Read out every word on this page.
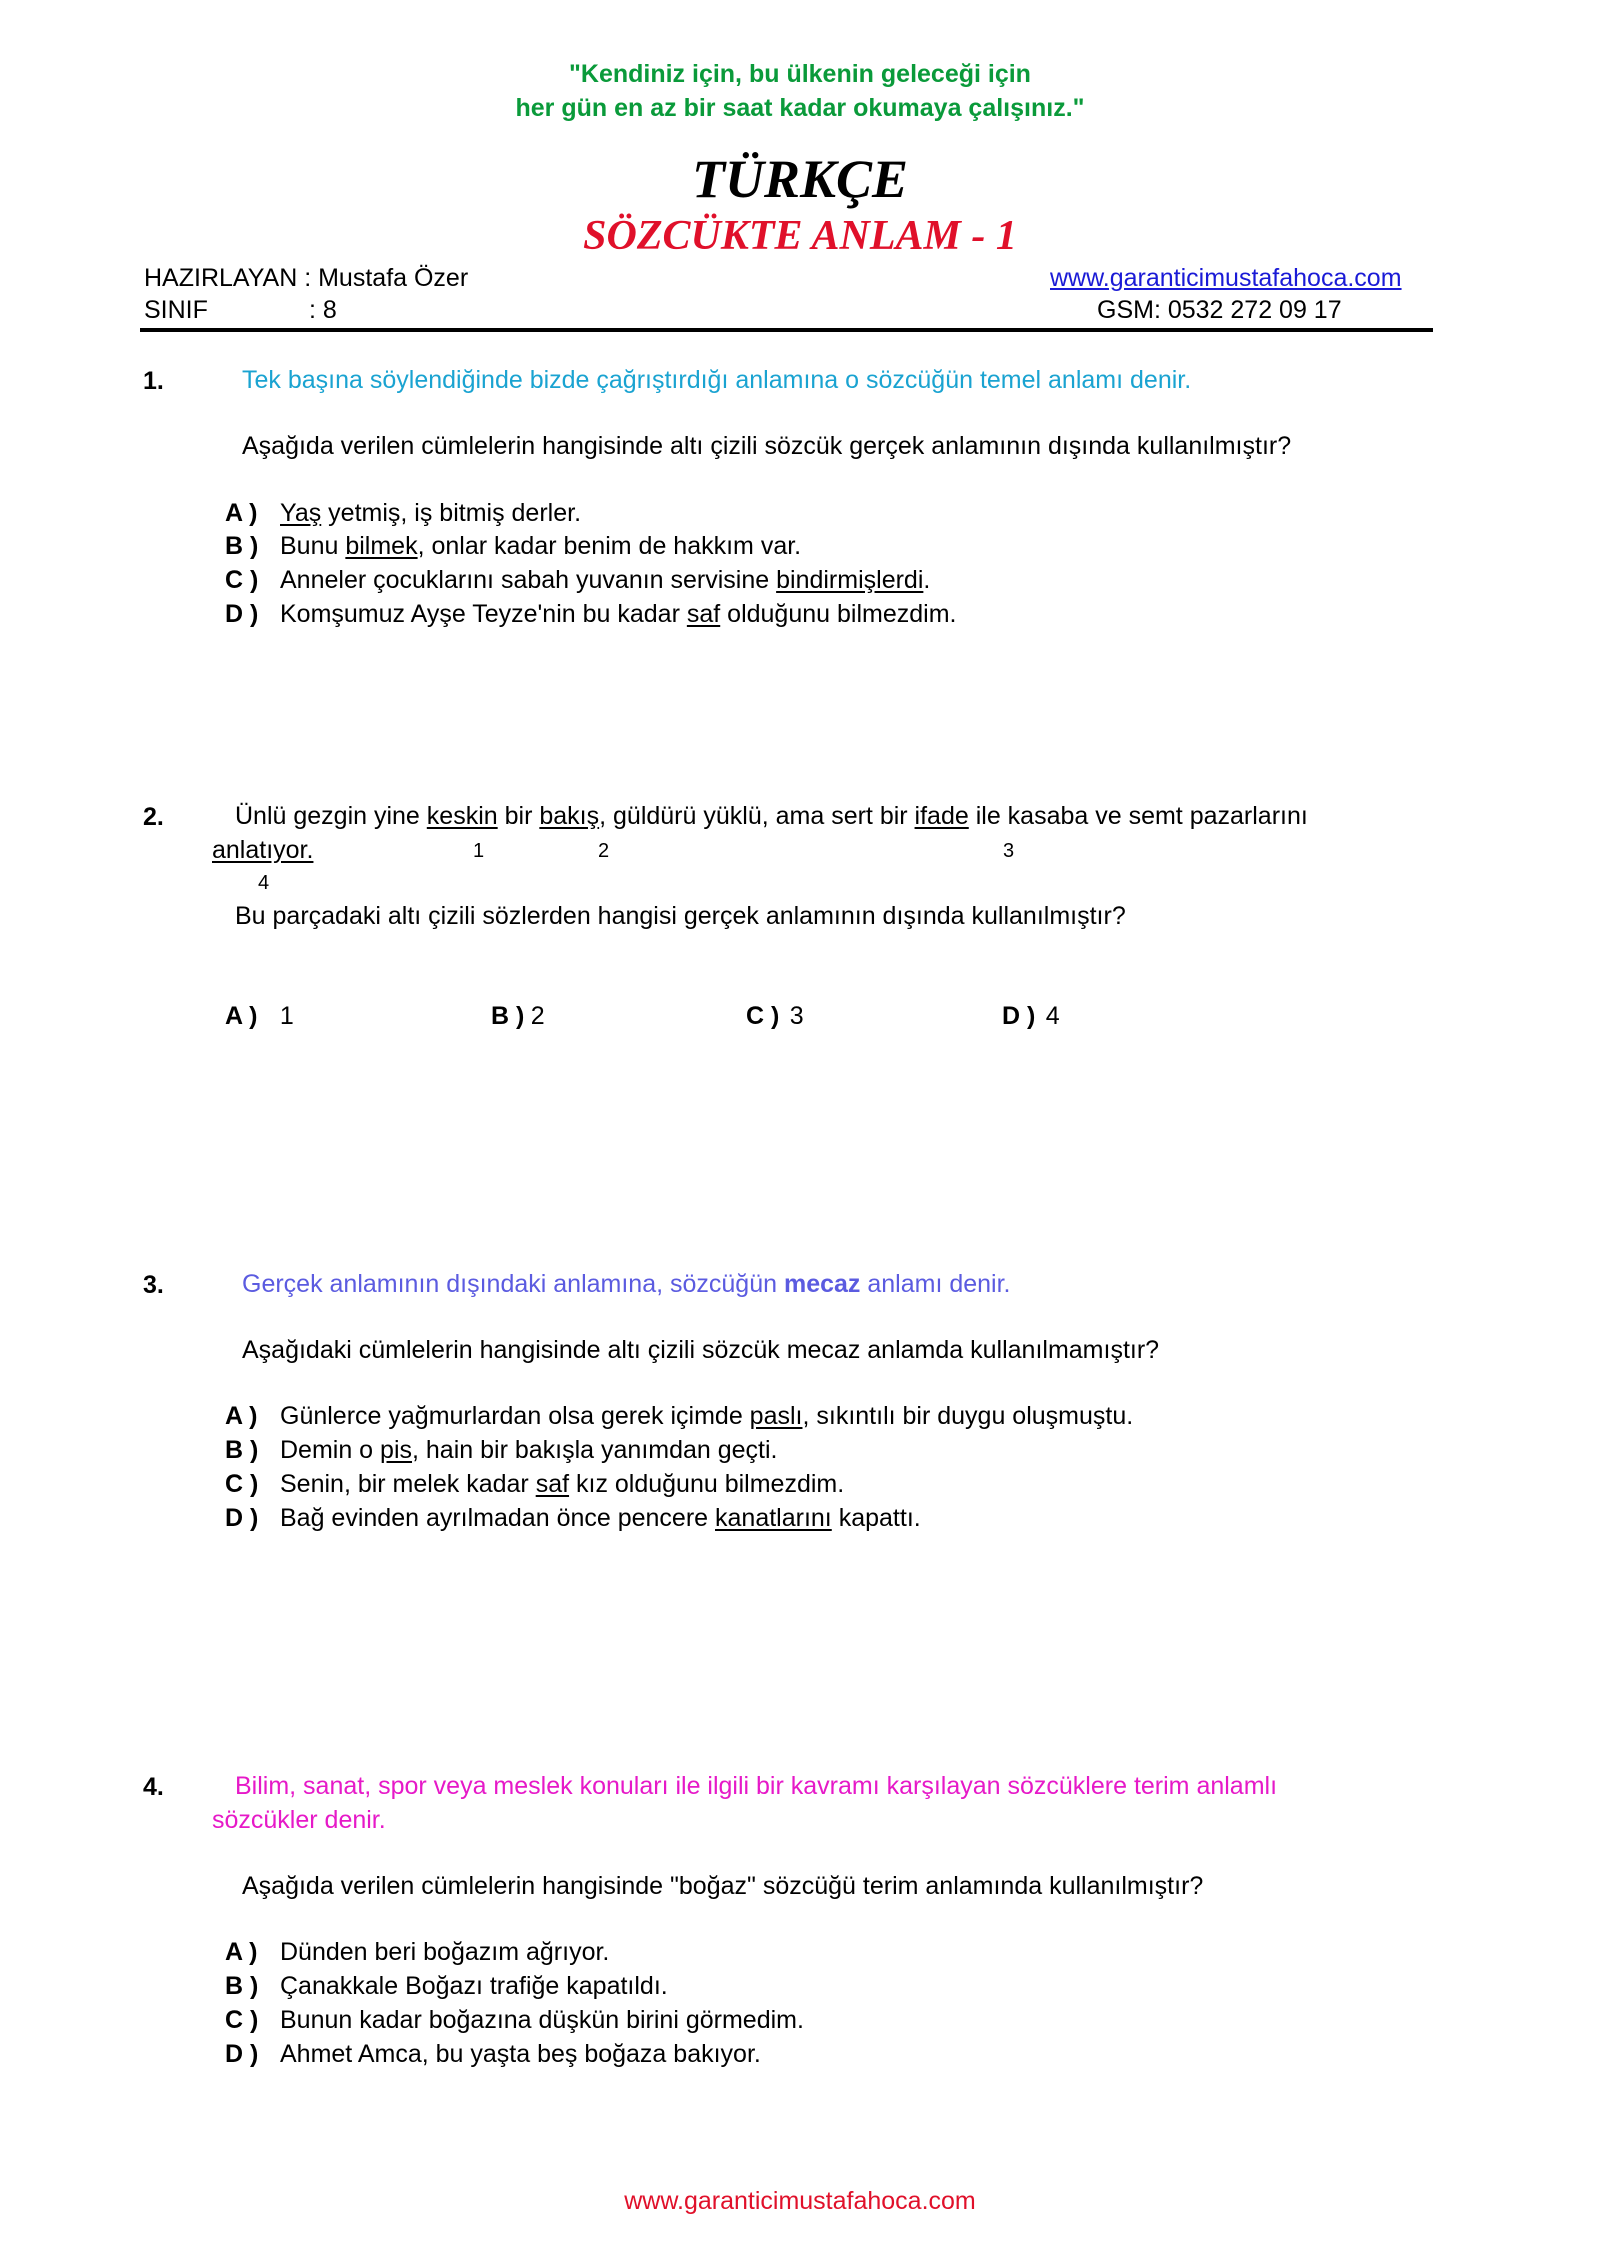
"Kendiniz için, bu ülkenin geleceği için
her gün en az bir saat kadar okumaya çalışınız."
TÜRKÇE
SÖZCÜKTE ANLAM - 1
HAZIRLAYAN : Mustafa Özer
SINIF	: 8
www.garanticimustafahoca.com
GSM: 0532 272 09 17
1.	Tek başına söylendiğinde bizde çağrıştırdığı anlamına o sözcüğün temel anlamı denir.
Aşağıda verilen cümlelerin hangisinde altı çizili sözcük gerçek anlamının dışında kullanılmıştır?
A ) Yaş yetmiş, iş bitmiş derler.
B ) Bunu bilmek, onlar kadar benim de hakkım var.
C ) Anneler çocuklarını sabah yuvanın servisine bindirmişlerdi.
D ) Komşumuz Ayşe Teyze'nin bu kadar saf olduğunu bilmezdim.
2.	Ünlü gezgin yine keskin bir bakış, güldürü yüklü, ama sert bir ifade ile kasaba ve semt pazarlarını
anlatıyor.	1	2	3
4
Bu parçadaki altı çizili sözlerden hangisi gerçek anlamının dışında kullanılmıştır?
A ) 1	B ) 2	C ) 3	D ) 4
3.	Gerçek anlamının dışındaki anlamına, sözcüğün mecaz anlamı denir.
Aşağıdaki cümlelerin hangisinde altı çizili sözcük mecaz anlamda kullanılmamıştır?
A ) Günlerce yağmurlardan olsa gerek içimde paslı, sıkıntılı bir duygu oluşmuştu.
B ) Demin o pis, hain bir bakışla yanımdan geçti.
C ) Senin, bir melek kadar saf kız olduğunu bilmezdim.
D ) Bağ evinden ayrılmadan önce pencere kanatlarını kapattı.
4.	Bilim, sanat, spor veya meslek konuları ile ilgili bir kavramı karşılayan sözcüklere terim anlamlı
sözcükler denir.
Aşağıda verilen cümlelerin hangisinde "boğaz" sözcüğü terim anlamında kullanılmıştır?
A ) Dünden beri boğazım ağrıyor.
B ) Çanakkale Boğazı trafiğe kapatıldı.
C ) Bunun kadar boğazına düşkün birini görmedim.
D ) Ahmet Amca, bu yaşta beş boğaza bakıyor.
www.garanticimustafahoca.com
